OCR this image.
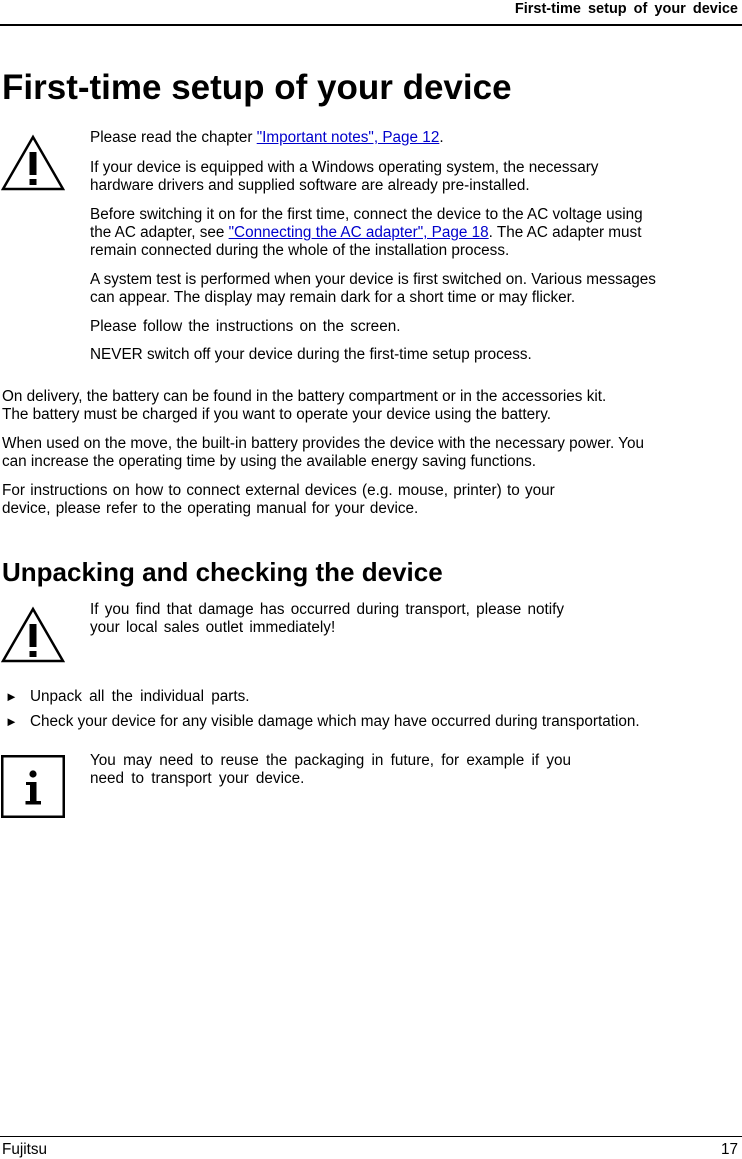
First-time setup of your device
First-time setup of your device
Please read the chapter "Important notes", Page 12.
If your device is equipped with a Windows operating system, the necessary
hardware drivers and supplied software are already pre-installed.
Before switching it on for the first time, connect the device to the AC voltage using
the AC adapter, see "Connecting the AC adapter", Page 18. The AC adapter must
remain connected during the whole of the installation process.
A system test is performed when your device is first switched on. Various messages
can appear. The display may remain dark for a short time or may flicker.
Please follow the instructions on the screen.
NEVER switch off your device during the first-time setup process.
On delivery, the battery can be found in the battery compartment or in the accessories kit.
The battery must be charged if you want to operate your device using the battery.
When used on the move, the built-in battery provides the device with the necessary power. You
can increase the operating time by using the available energy saving functions.
For instructions on how to connect external devices (e.g. mouse, printer) to your
device, please refer to the operating manual for your device.
Unpacking and checking the device
If you find that damage has occurred during transport, please notify
your local sales outlet immediately!
► Unpack all the individual parts.
► Check your device for any visible damage which may have occurred during transportation.
You may need to reuse the packaging in future, for example if you
need to transport your device.
Fujitsu	17
